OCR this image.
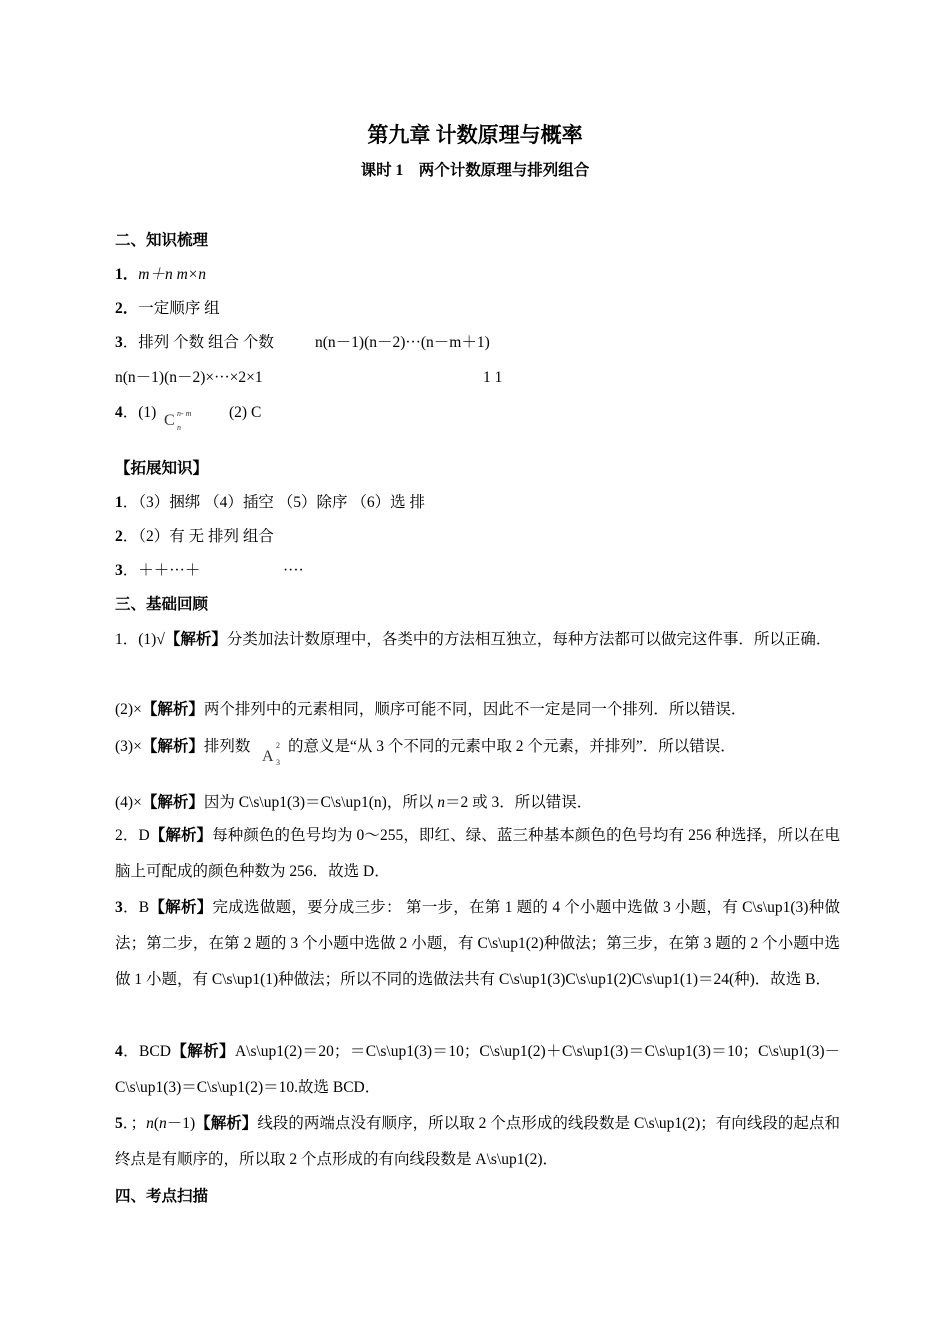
第九章 计数原理与概率
课时 1　两个计数原理与排列组合
二、知识梳理
1．m＋n m×n
2．一定顺序 组
3．排列 个数 组合 个数	n(n－1)(n－2)···(n－m＋1)
n(n－1)(n－2)×···×2×1	1 1
4．(1) C n- m
n
(2) C
【拓展知识】
1．（3）捆绑 （4）插空 （5）除序 （6）选 排
2．（2）有 无 排列 组合
3．＋＋···＋	····
三、基础回顾
1．(1)√【解析】分类加法计数原理中，各类中的方法相互独立，每种方法都可以做完这件事．所以正确．
(2)×【解析】两个排列中的元素相同，顺序可能不同，因此不一定是同一个排列．所以错误．
(3)×【解析】排列数
A
2
3
的意义是“从 3 个不同的元素中取 2 个元素，并排列”．所以错误．
(4)×【解析】因为 C\s\up1(3)＝C\s\up1(n)，所以 n＝2 或 3．所以错误．
2．D【解析】每种颜色的色号均为 0～255，即红、绿、蓝三种基本颜色的色号均有 256 种选择，所以在电脑上可配成的颜色种数为 256．故选 D．
3．B【解析】完成选做题，要分成三步： 第一步，在第 1 题的 4 个小题中选做 3 小题，有 C\s\up1(3)种做法；第二步，在第 2 题的 3 个小题中选做 2 小题，有 C\s\up1(2)种做法；第三步，在第 3 题的 2 个小题中选做 1 小题，有 C\s\up1(1)种做法；所以不同的选做法共有 C\s\up1(3)C\s\up1(2)C\s\up1(1)＝24(种)．故选 B．
4．BCD【解析】A\s\up1(2)＝20；＝C\s\up1(3)＝10；C\s\up1(2)＋C\s\up1(3)＝C\s\up1(3)＝10；C\s\up1(3)－C\s\up1(3)＝C\s\up1(2)＝10.故选 BCD．
5．；n(n－1)【解析】线段的两端点没有顺序，所以取 2 个点形成的线段数是 C\s\up1(2)；有向线段的起点和终点是有顺序的，所以取 2 个点形成的有向线段数是 A\s\up1(2)．
四、考点扫描
